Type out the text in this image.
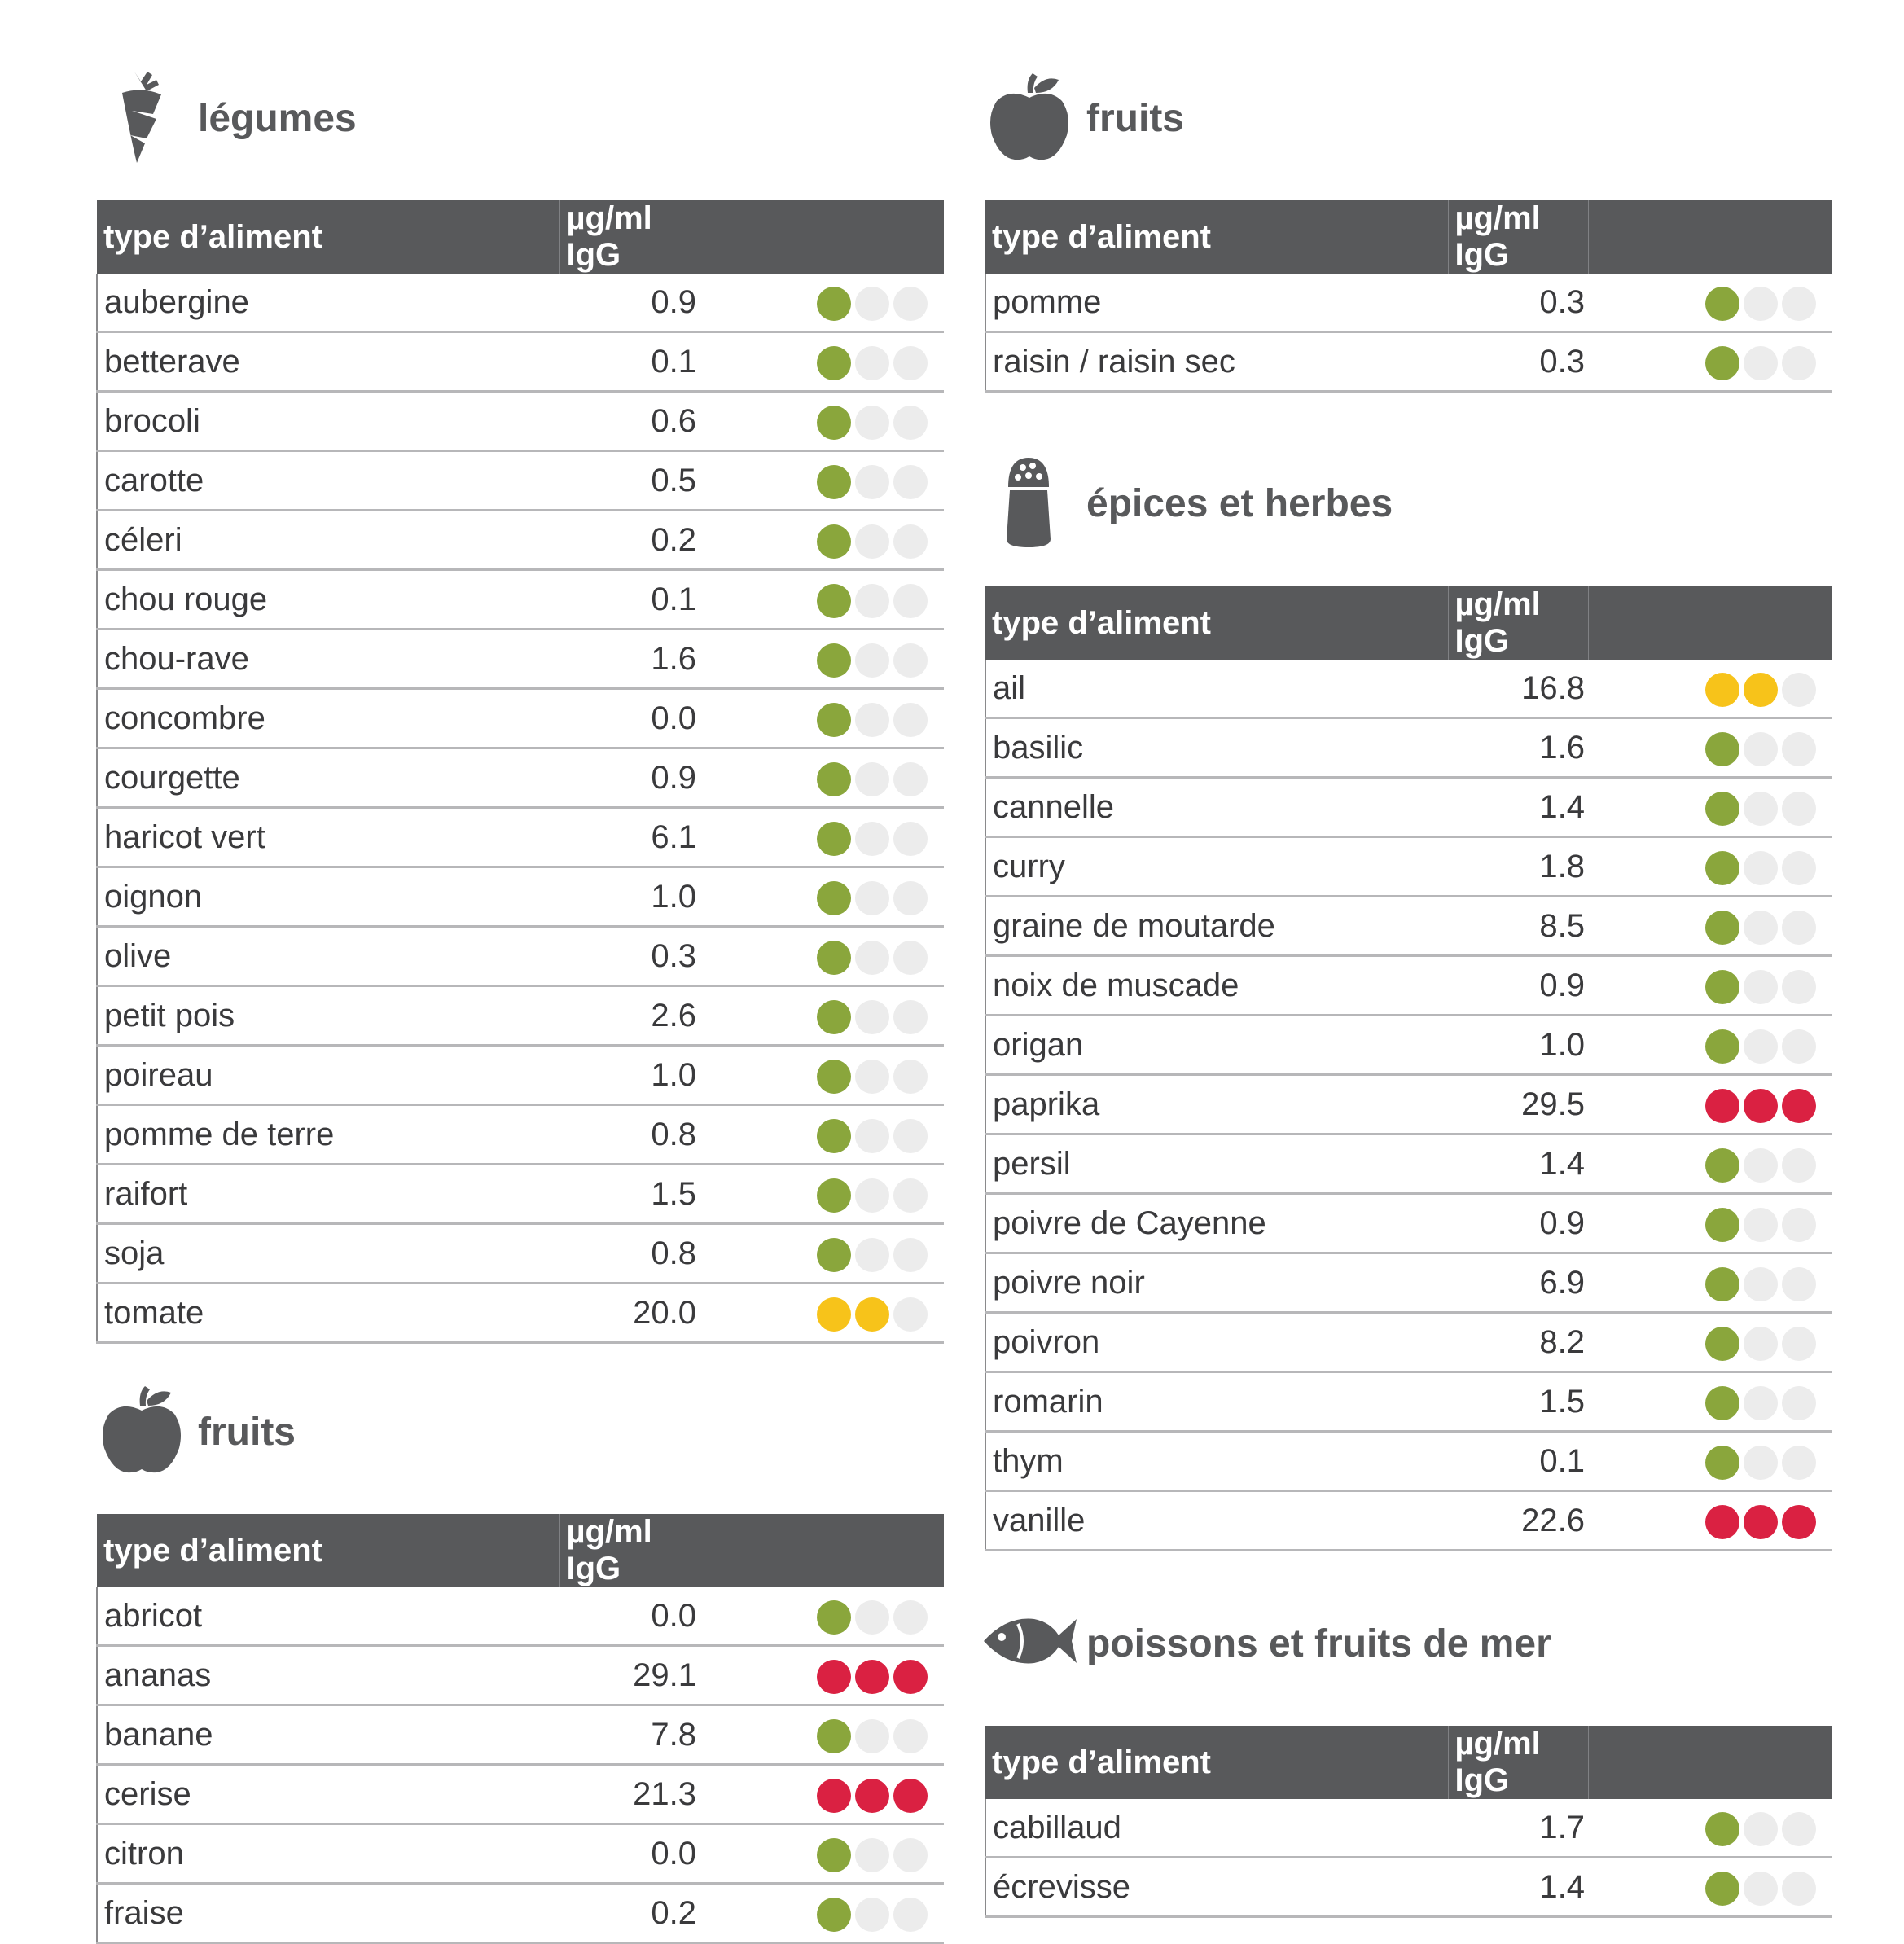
légumes
type d’aliment	µg/ml IgG	
aubergine	0.9	
betterave	0.1	
brocoli	0.6	
carotte	0.5	
céleri	0.2	
chou rouge	0.1	
chou-rave	1.6	
concombre	0.0	
courgette	0.9	
haricot vert	6.1	
oignon	1.0	
olive	0.3	
petit pois	2.6	
poireau	1.0	
pomme de terre	0.8	
raifort	1.5	
soja	0.8	
tomate	20.0	
fruits
type d’aliment	µg/ml IgG	
abricot	0.0	
ananas	29.1	
banane	7.8	
cerise	21.3	
citron	0.0	
fraise	0.2	
fruits
type d’aliment	µg/ml IgG	
pomme	0.3	
raisin / raisin sec	0.3	
épices et herbes
type d’aliment	µg/ml IgG	
ail	16.8	
basilic	1.6	
cannelle	1.4	
curry	1.8	
graine de moutarde	8.5	
noix de muscade	0.9	
origan	1.0	
paprika	29.5	
persil	1.4	
poivre de Cayenne	0.9	
poivre noir	6.9	
poivron	8.2	
romarin	1.5	
thym	0.1	
vanille	22.6	
poissons et fruits de mer
type d’aliment	µg/ml IgG	
cabillaud	1.7	
écrevisse	1.4	
